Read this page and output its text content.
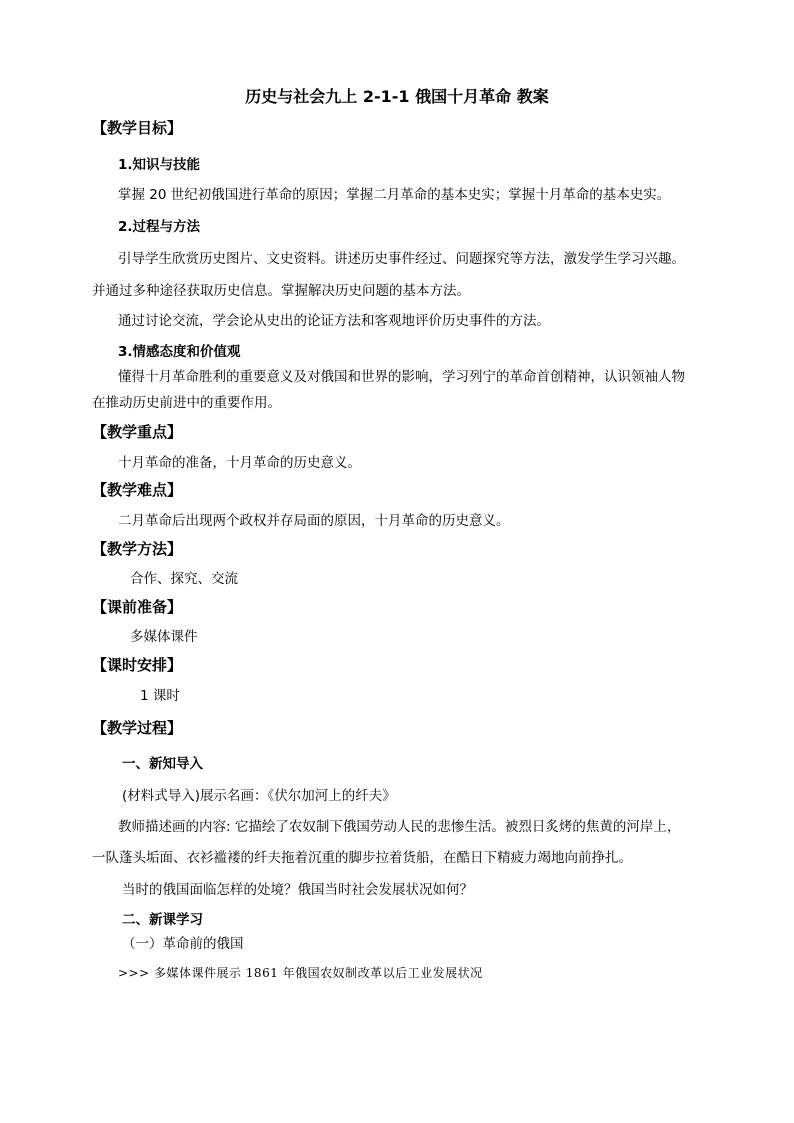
历史与社会九上 2-1-1 俄国十月革命 教案
【教学目标】
1.知识与技能
掌握 20 世纪初俄国进行革命的原因；掌握二月革命的基本史实；掌握十月革命的基本史实。
2.过程与方法
引导学生欣赏历史图片、文史资料。讲述历史事件经过、问题探究等方法，激发学生学习兴趣。
并通过多种途径获取历史信息。掌握解决历史问题的基本方法。
通过讨论交流，学会论从史出的论证方法和客观地评价历史事件的方法。
3.情感态度和价值观
懂得十月革命胜利的重要意义及对俄国和世界的影响，学习列宁的革命首创精神，认识领袖人物
在推动历史前进中的重要作用。
【教学重点】
十月革命的准备，十月革命的历史意义。
【教学难点】
二月革命后出现两个政权并存局面的原因，十月革命的历史意义。
【教学方法】
合作、探究、交流
【课前准备】
多媒体课件
【课时安排】
1 课时
【教学过程】
一、新知导入
(材料式导入)展示名画：《伏尔加河上的纤夫》
教师描述画的内容: 它描绘了农奴制下俄国劳动人民的悲惨生活。被烈日炙烤的焦黄的河岸上，
一队蓬头垢面、衣衫褴褛的纤夫拖着沉重的脚步拉着货船，在酷日下精疲力竭地向前挣扎。
当时的俄国面临怎样的处境？俄国当时社会发展状况如何？
二、新课学习
（一）革命前的俄国
>>> 多媒体课件展示 1861 年俄国农奴制改革以后工业发展状况
